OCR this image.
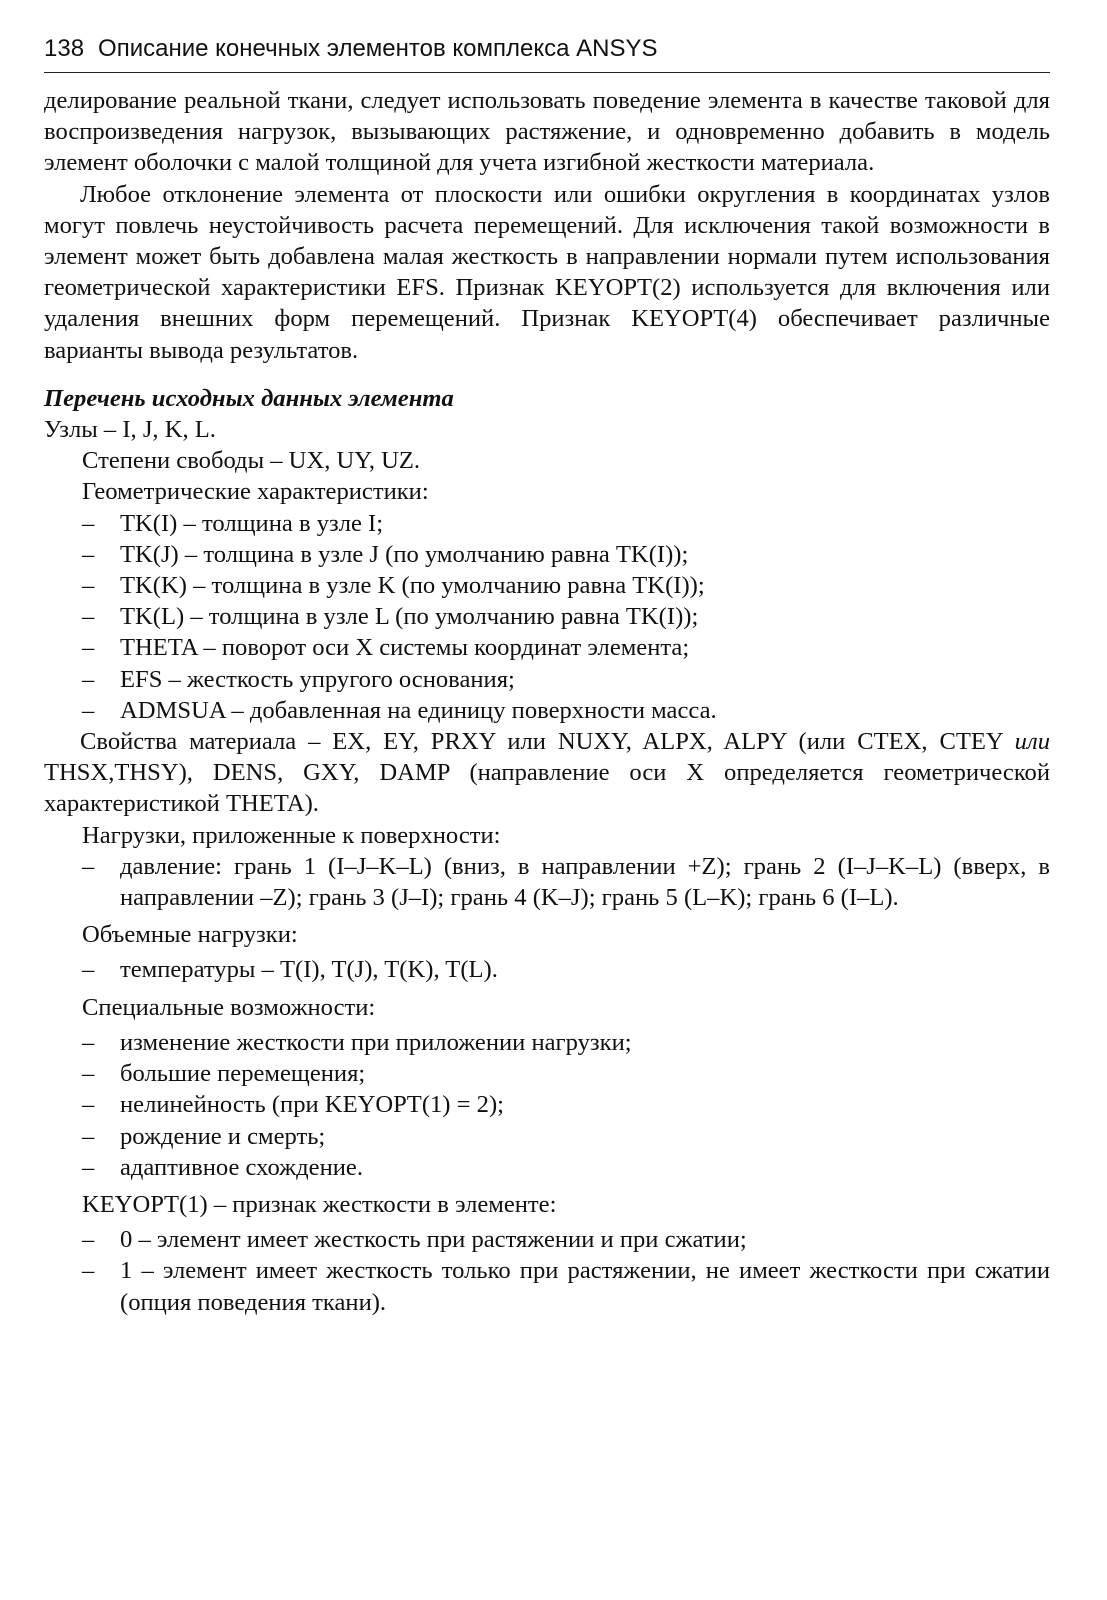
138 Описание конечных элементов комплекса ANSYS

делирование реальной ткани, следует использовать поведение элемента в качестве таковой для воспроизведения нагрузок, вызывающих растяжение, и одновременно добавить в модель элемент оболочки с малой толщиной для учета изгибной жесткости материала.

Любое отклонение элемента от плоскости или ошибки округления в координатах узлов могут повлечь неустойчивость расчета перемещений. Для исключения такой возможности в элемент может быть добавлена малая жесткость в направлении нормали путем использования геометрической характеристики EFS. Признак KEYOPT(2) используется для включения или удаления внешних форм перемещений. Признак KEYOPT(4) обеспечивает различные варианты вывода результатов.

Перечень исходных данных элемента

Узлы – I, J, K, L.

Степени свободы – UX, UY, UZ.

Геометрические характеристики:

– TK(I) – толщина в узле I;
– TK(J) – толщина в узле J (по умолчанию равна TK(I));
– TK(K) – толщина в узле K (по умолчанию равна TK(I));
– TK(L) – толщина в узле L (по умолчанию равна TK(I));
– THETA – поворот оси X системы координат элемента;
– EFS – жесткость упругого основания;
– ADMSUA – добавленная на единицу поверхности масса.

Свойства материала – EX, EY, PRXY или NUXY, ALPX, ALPY (или CTEX, CTEY или THSX,THSY), DENS, GXY, DAMP (направление оси X определяется геометрической характеристикой THETA).

Нагрузки, приложенные к поверхности:

– давление: грань 1 (I–J–K–L) (вниз, в направлении +Z); грань 2 (I–J–K–L) (вверх, в направлении –Z); грань 3 (J–I); грань 4 (K–J); грань 5 (L–K); грань 6 (I–L).

Объемные нагрузки:

– температуры – T(I), T(J), T(K), T(L).

Специальные возможности:

– изменение жесткости при приложении нагрузки;
– большие перемещения;
– нелинейность (при KEYOPT(1) = 2);
– рождение и смерть;
– адаптивное схождение.

KEYOPT(1) – признак жесткости в элементе:

– 0 – элемент имеет жесткость при растяжении и при сжатии;
– 1 – элемент имеет жесткость только при растяжении, не имеет жесткости при сжатии (опция поведения ткани).
